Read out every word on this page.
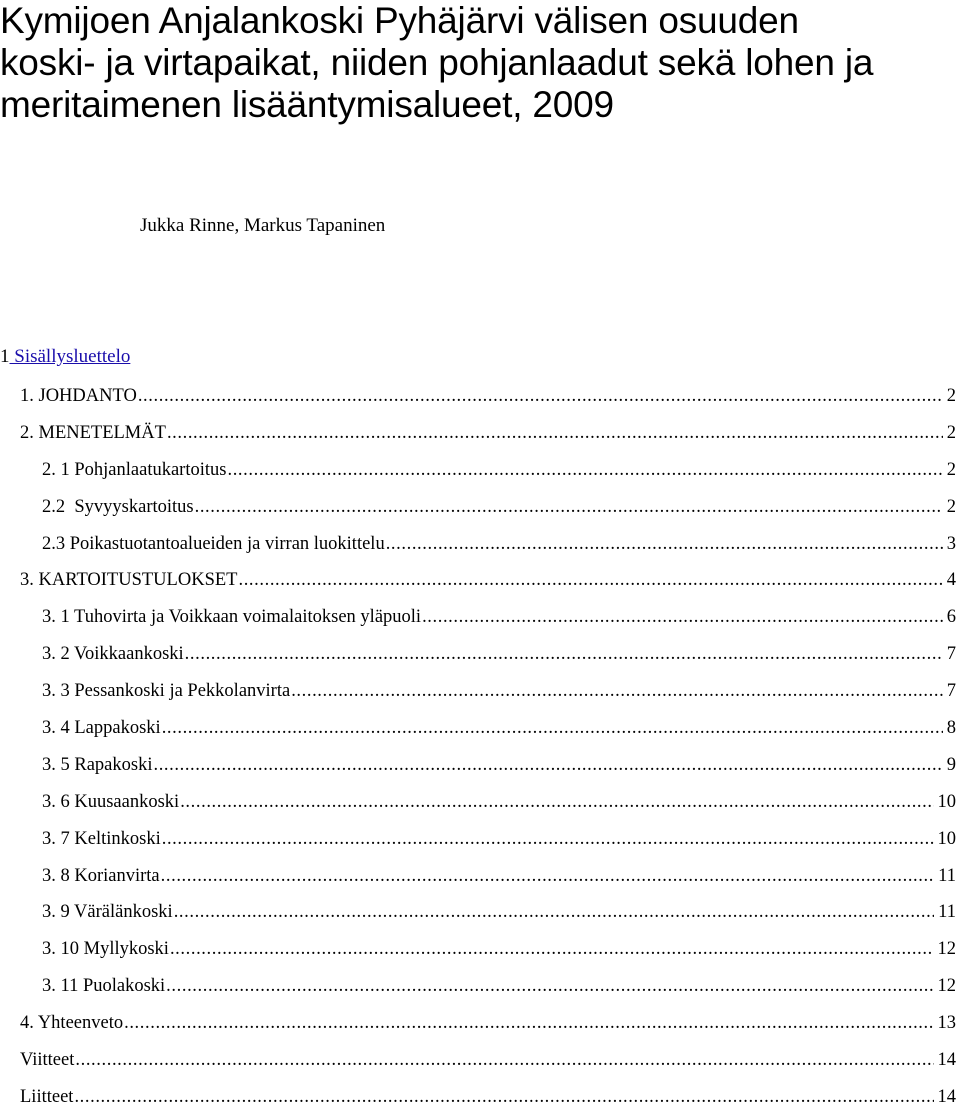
Kymijoen Anjalankoski Pyhäjärvi välisen osuuden
koski- ja virtapaikat, niiden pohjanlaadut sekä lohen ja
meritaimenen lisääntymisalueet, 2009

Jukka Rinne, Markus Tapaninen

1 Sisällysluettelo
1. JOHDANTO .....	2
2. MENETELMÄT .....	2
2. 1 Pohjanlaatukartoitus .....	2
2.2  Syvyyskartoitus .....	2
2.3 Poikastuotantoalueiden ja virran luokittelu .....	3
3. KARTOITUSTULOKSET .....	4
3. 1 Tuhovirta ja Voikkaan voimalaitoksen yläpuoli .....	6
3. 2 Voikkaankoski .....	7
3. 3 Pessankoski ja Pekkolanvirta .....	7
3. 4 Lappakoski .....	8
3. 5 Rapakoski .....	9
3. 6 Kuusaankoski .....	10
3. 7 Keltinkoski .....	10
3. 8 Korianvirta .....	11
3. 9 Värälänkoski .....	11
3. 10 Myllykoski .....	12
3. 11 Puolakoski .....	12
4. Yhteenveto .....	13
Viitteet .....	14
Liitteet .....	14
